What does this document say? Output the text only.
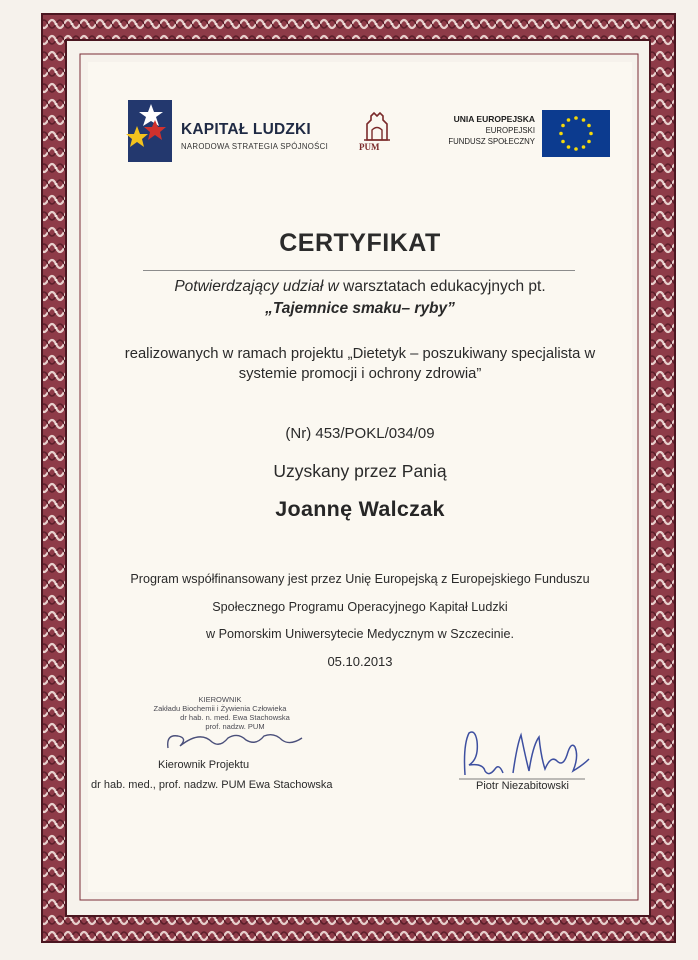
KAPITAŁ LUDZKI
NARODOWA STRATEGIA SPÓJNOŚCI	PUM
UNIA EUROPEJSKA
EUROPEJSKI
FUNDUSZ SPOŁECZNY
CERTYFIKAT
Potwierdzający udział w warsztatach edukacyjnych pt.
„Tajemnice smaku– ryby”
realizowanych w ramach projektu „Dietetyk – poszukiwany specjalista w
systemie promocji i ochrony zdrowia”
(Nr) 453/POKL/034/09
Uzyskany przez Panią
Joannę Walczak
Program współfinansowany jest przez Unię Europejską z Europejskiego Funduszu
Społecznego Programu Operacyjnego Kapitał Ludzki
w Pomorskim Uniwersytecie Medycznym w Szczecinie.
05.10.2013
KIEROWNIK
Zakładu Biochemii i Żywienia Człowieka
dr hab. n. med. Ewa Stachowska
prof. nadzw. PUM
Kierownik Projektu
dr hab. med., prof. nadzw. PUM Ewa Stachowska	Piotr Niezabitowski
